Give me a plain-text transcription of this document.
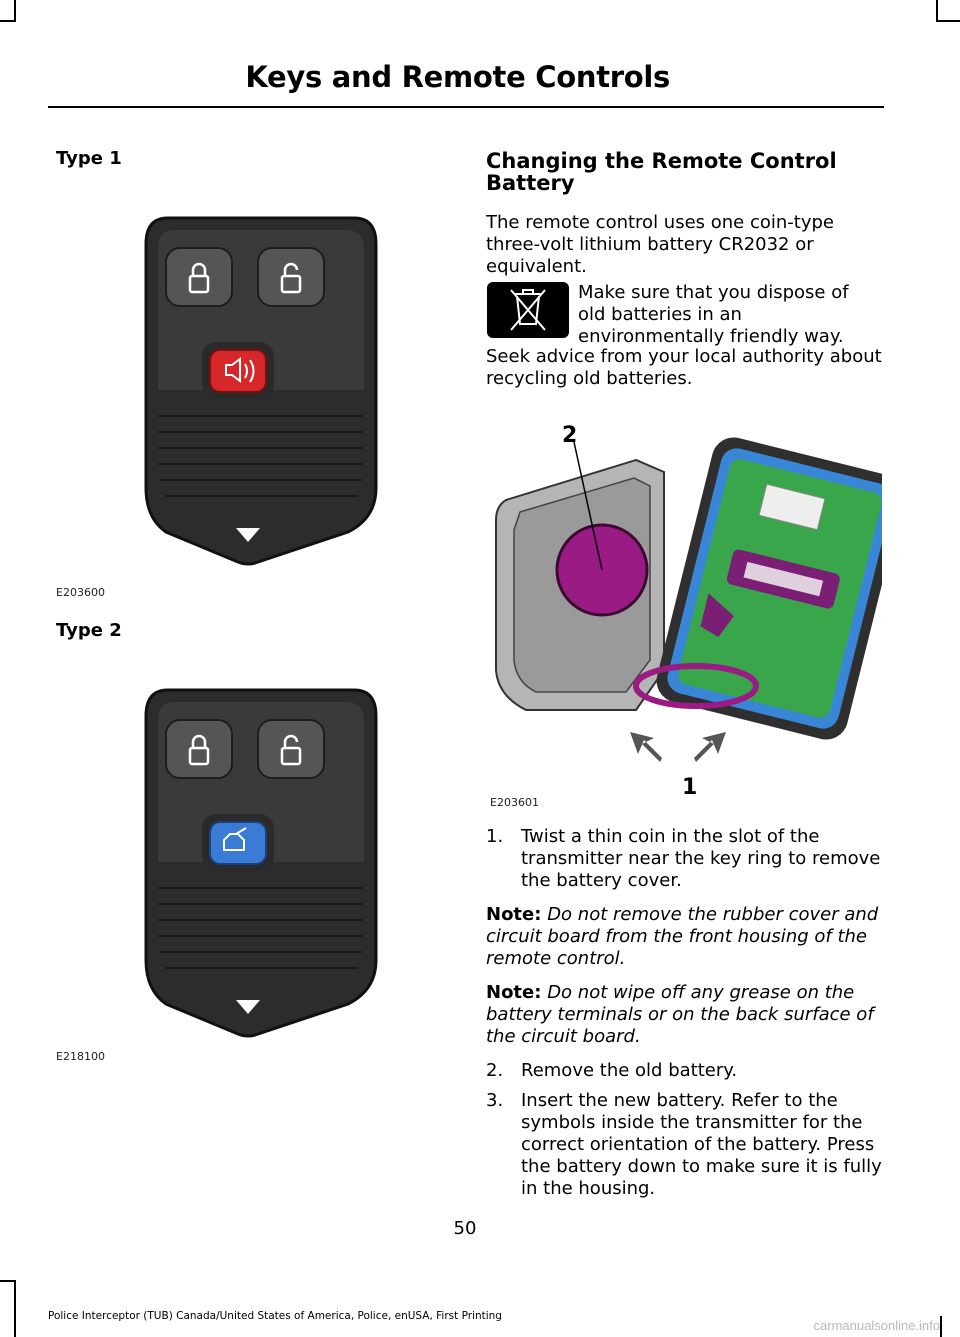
Keys and Remote Controls
Type 1
E203600
Type 2
E218100

Changing the Remote Control Battery

The remote control uses one coin-type three-volt lithium battery CR2032 or equivalent.

Make sure that you dispose of old batteries in an environmentally friendly way.
Seek advice from your local authority about recycling old batteries.
2
1
E203601
1. Twist a thin coin in the slot of the transmitter near the key ring to remove the battery cover.

Note: Do not remove the rubber cover and circuit board from the front housing of the remote control.

Note: Do not wipe off any grease on the battery terminals or on the back surface of the circuit board.

2. Remove the old battery.
3. Insert the new battery. Refer to the symbols inside the transmitter for the correct orientation of the battery. Press the battery down to make sure it is fully in the housing.
50
Police Interceptor (TUB) Canada/United States of America, Police, enUSA, First Printing
carmanualsonline.info
